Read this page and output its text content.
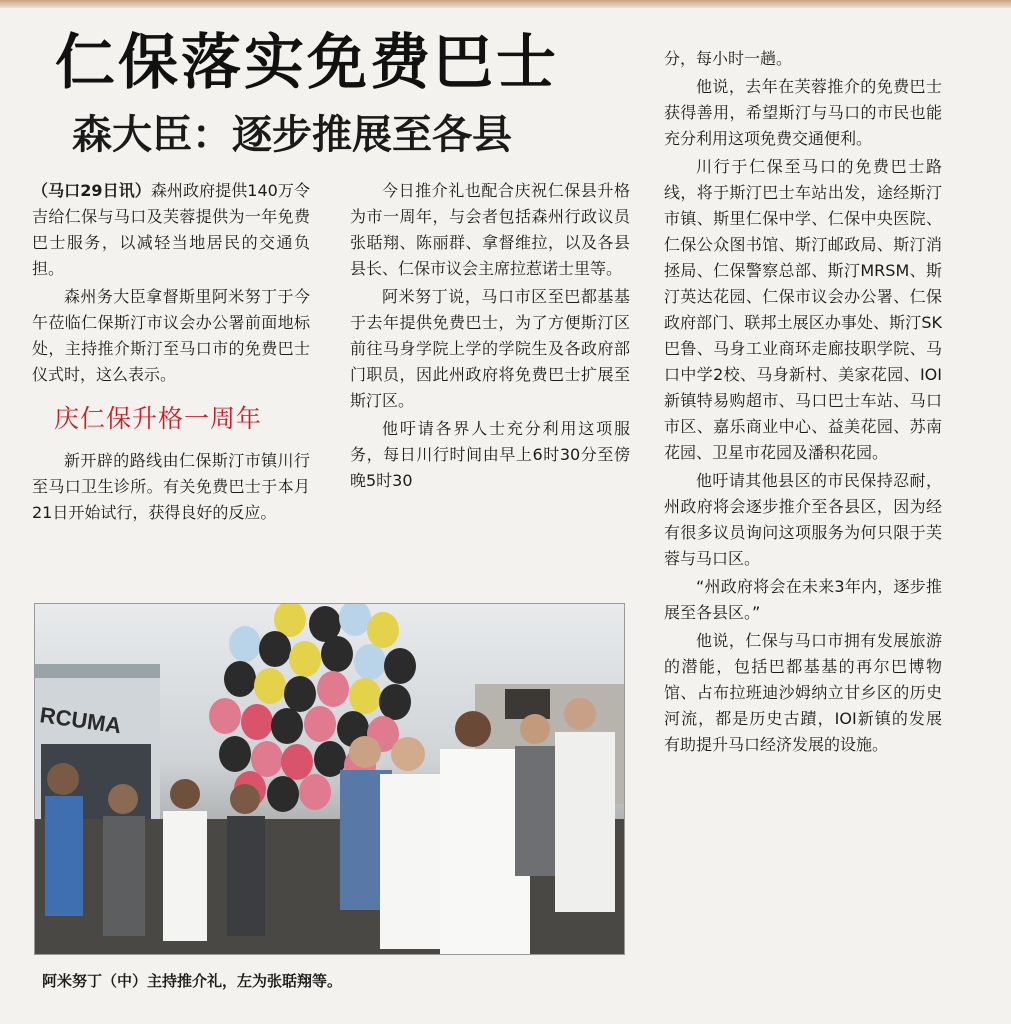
仁保落实免费巴士
森大臣：逐步推展至各县

（马口29日讯）森州政府提供140万令吉给仁保与马口及芙蓉提供为一年免费巴士服务，以减轻当地居民的交通负担。

森州务大臣拿督斯里阿米努丁于今午莅临仁保斯汀市议会办公署前面地标处，主持推介斯汀至马口市的免费巴士仪式时，这么表示。

庆仁保升格一周年

新开辟的路线由仁保斯汀市镇川行至马口卫生诊所。有关免费巴士于本月21日开始试行，获得良好的反应。

今日推介礼也配合庆祝仁保县升格为市一周年，与会者包括森州行政议员张聒翔、陈丽群、拿督维拉，以及各县县长、仁保市议会主席拉惹诺士里等。

阿米努丁说，马口市区至巴都基基于去年提供免费巴士，为了方便斯汀区前往马身学院上学的学院生及各政府部门职员，因此州政府将免费巴士扩展至斯汀区。

他吁请各界人士充分利用这项服务，每日川行时间由早上6时30分至傍晚5时30

分，每小时一趟。

他说，去年在芙蓉推介的免费巴士获得善用，希望斯汀与马口的市民也能充分利用这项免费交通便利。

川行于仁保至马口的免费巴士路线，将于斯汀巴士车站出发，途经斯汀市镇、斯里仁保中学、仁保中央医院、仁保公众图书馆、斯汀邮政局、斯汀消拯局、仁保警察总部、斯汀MRSM、斯汀英达花园、仁保市议会办公署、仁保政府部门、联邦土展区办事处、斯汀SK巴鲁、马身工业商环走廊技职学院、马口中学2校、马身新村、美家花园、IOI新镇特易购超市、马口巴士车站、马口市区、嘉乐商业中心、益美花园、苏南花园、卫星市花园及潘积花园。

他吁请其他县区的市民保持忍耐，州政府将会逐步推介至各县区，因为经有很多议员询问这项服务为何只限于芙蓉与马口区。

“州政府将会在未来3年内，逐步推展至各县区。”

他说，仁保与马口市拥有发展旅游的潜能，包括巴都基基的再尔巴博物馆、占布拉班迪沙姆纳立甘乡区的历史河流，都是历史古蹟，IOI新镇的发展有助提升马口经济发展的设施。

RCUMA

阿米努丁（中）主持推介礼，左为张聒翔等。
